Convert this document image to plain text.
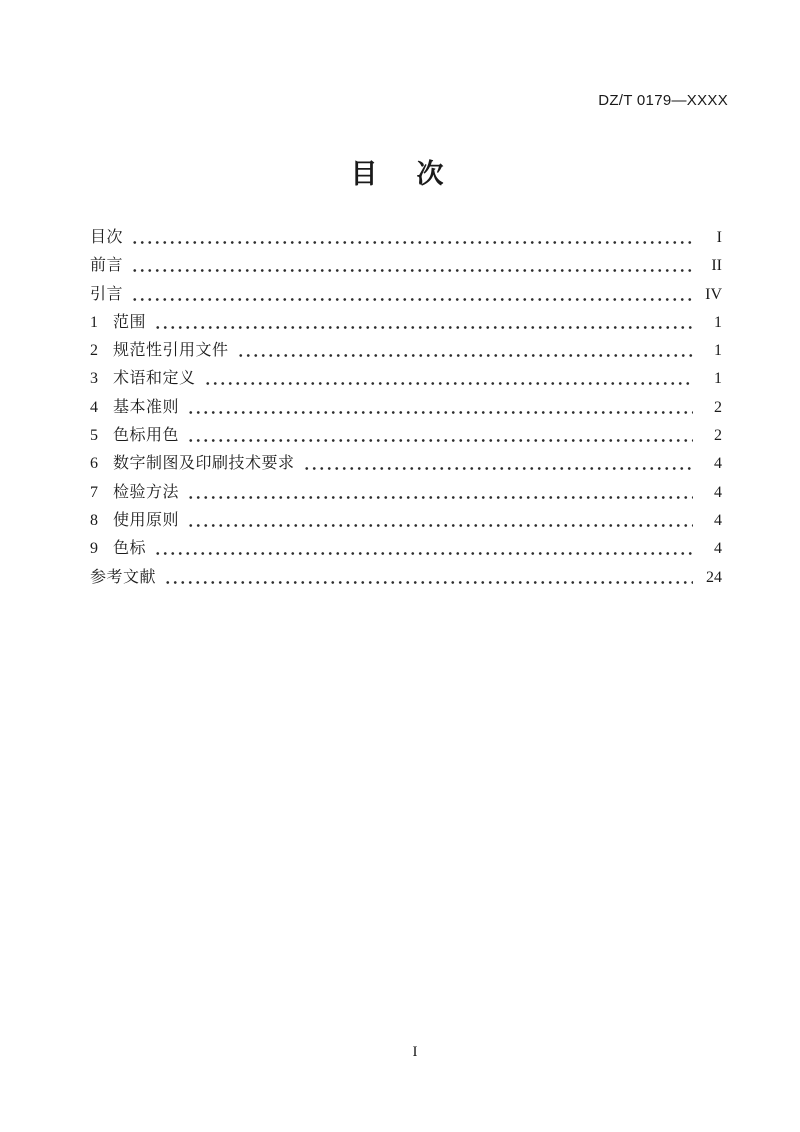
DZ/T 0179—XXXX
目　次
目次	I
前言	II
引言	IV
1 范围	1
2 规范性引用文件	1
3 术语和定义	1
4 基本准则	2
5 色标用色	2
6 数字制图及印刷技术要求	4
7 检验方法	4
8 使用原则	4
9 色标	4
参考文献	24
I
